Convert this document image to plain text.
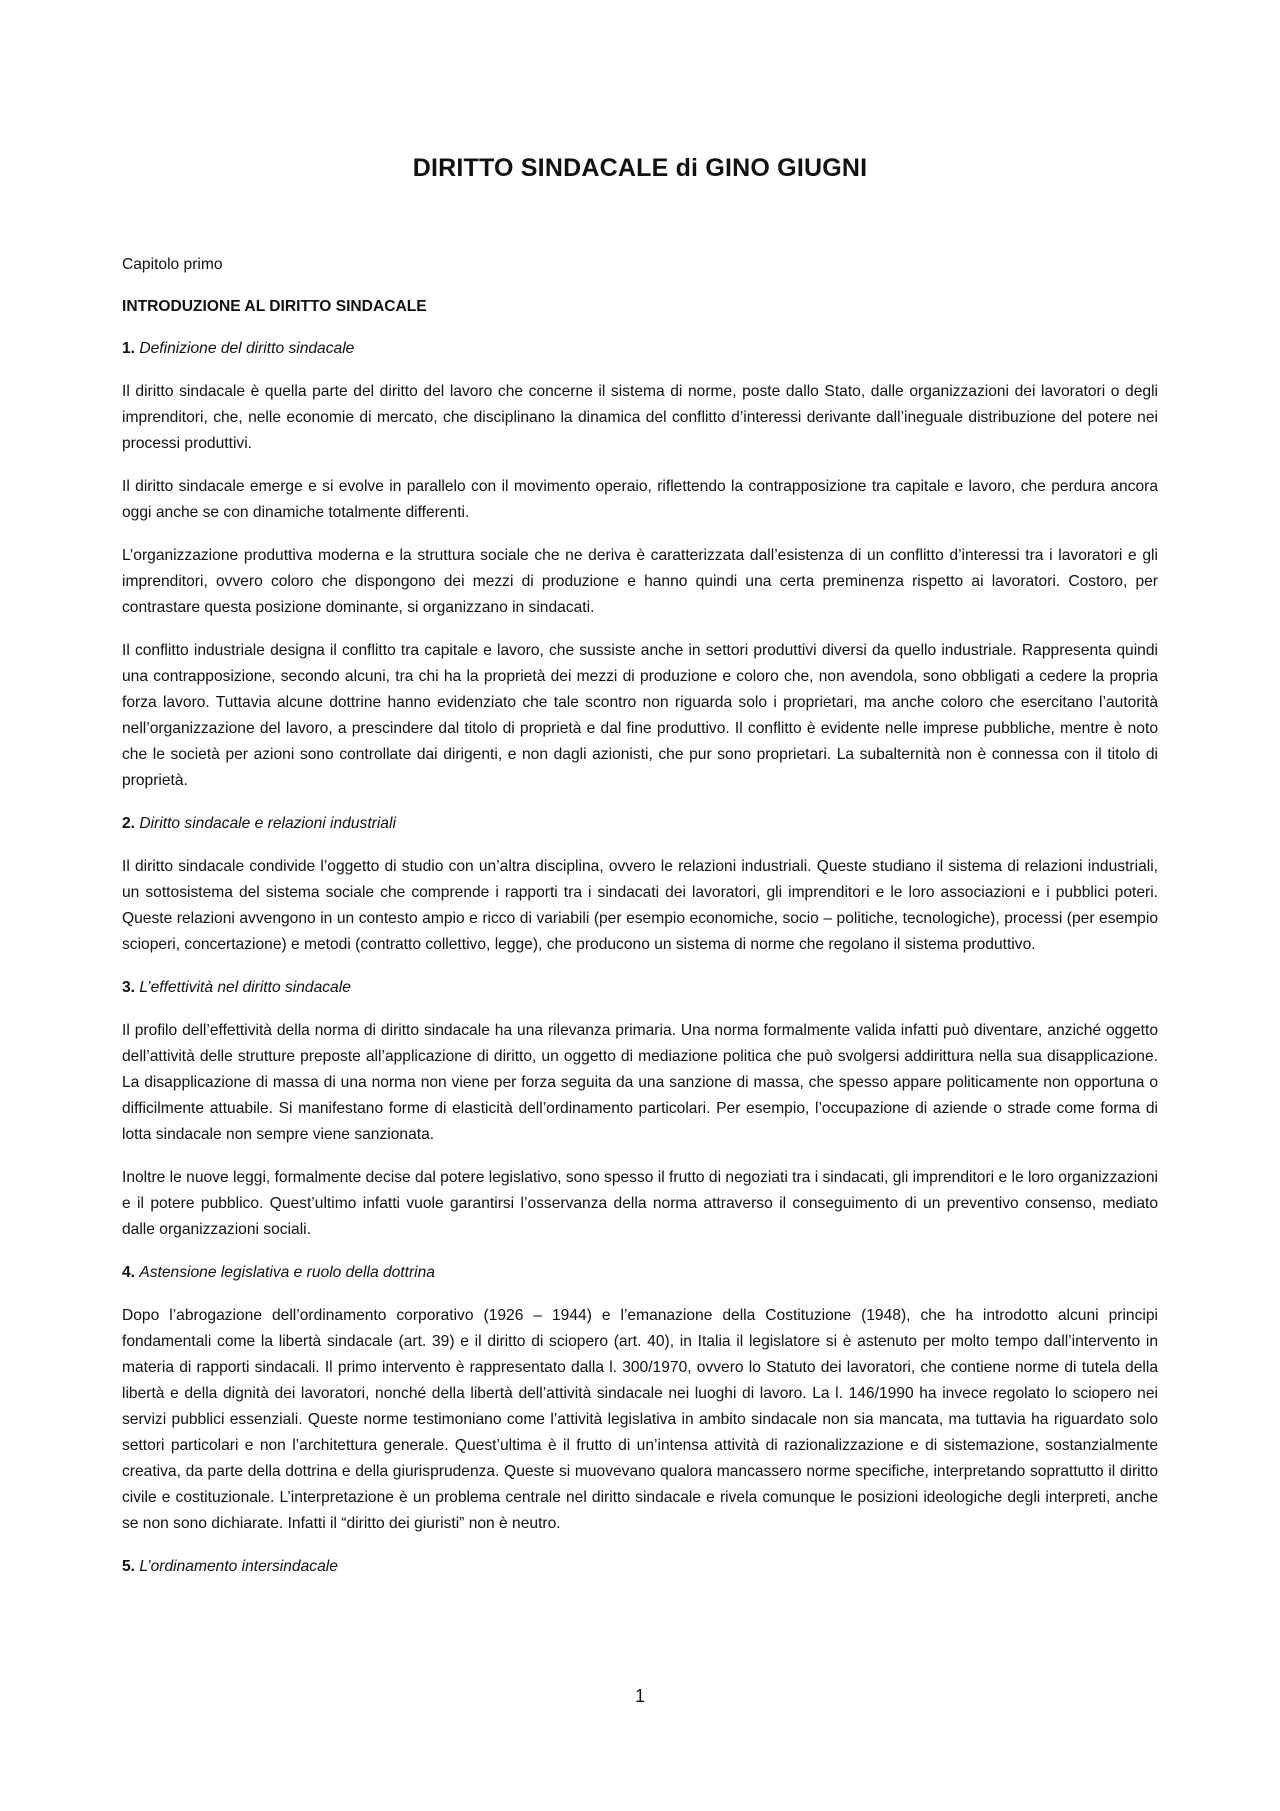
DIRITTO SINDACALE di GINO GIUGNI

Capitolo primo

INTRODUZIONE AL DIRITTO SINDACALE

1. Definizione del diritto sindacale

Il diritto sindacale è quella parte del diritto del lavoro che concerne il sistema di norme, poste dallo Stato, dalle organizzazioni dei lavoratori o degli imprenditori, che, nelle economie di mercato, che disciplinano la dinamica del conflitto d’interessi derivante dall’ineguale distribuzione del potere nei processi produttivi.

Il diritto sindacale emerge e si evolve in parallelo con il movimento operaio, riflettendo la contrapposizione tra capitale e lavoro, che perdura ancora oggi anche se con dinamiche totalmente differenti.

L’organizzazione produttiva moderna e la struttura sociale che ne deriva è caratterizzata dall’esistenza di un conflitto d’interessi tra i lavoratori e gli imprenditori, ovvero coloro che dispongono dei mezzi di produzione e hanno quindi una certa preminenza rispetto ai lavoratori. Costoro, per contrastare questa posizione dominante, si organizzano in sindacati.

Il conflitto industriale designa il conflitto tra capitale e lavoro, che sussiste anche in settori produttivi diversi da quello industriale. Rappresenta quindi una contrapposizione, secondo alcuni, tra chi ha la proprietà dei mezzi di produzione e coloro che, non avendola, sono obbligati a cedere la propria forza lavoro. Tuttavia alcune dottrine hanno evidenziato che tale scontro non riguarda solo i proprietari, ma anche coloro che esercitano l’autorità nell’organizzazione del lavoro, a prescindere dal titolo di proprietà e dal fine produttivo. Il conflitto è evidente nelle imprese pubbliche, mentre è noto che le società per azioni sono controllate dai dirigenti, e non dagli azionisti, che pur sono proprietari. La subalternità non è connessa con il titolo di proprietà.

2. Diritto sindacale e relazioni industriali

Il diritto sindacale condivide l’oggetto di studio con un’altra disciplina, ovvero le relazioni industriali. Queste studiano il sistema di relazioni industriali, un sottosistema del sistema sociale che comprende i rapporti tra i sindacati dei lavoratori, gli imprenditori e le loro associazioni e i pubblici poteri. Queste relazioni avvengono in un contesto ampio e ricco di variabili (per esempio economiche, socio – politiche, tecnologiche), processi (per esempio scioperi, concertazione) e metodi (contratto collettivo, legge), che producono un sistema di norme che regolano il sistema produttivo.

3. L’effettività nel diritto sindacale

Il profilo dell’effettività della norma di diritto sindacale ha una rilevanza primaria. Una norma formalmente valida infatti può diventare, anziché oggetto dell’attività delle strutture preposte all’applicazione di diritto, un oggetto di mediazione politica che può svolgersi addirittura nella sua disapplicazione. La disapplicazione di massa di una norma non viene per forza seguita da una sanzione di massa, che spesso appare politicamente non opportuna o difficilmente attuabile. Si manifestano forme di elasticità dell’ordinamento particolari. Per esempio, l’occupazione di aziende o strade come forma di lotta sindacale non sempre viene sanzionata.

Inoltre le nuove leggi, formalmente decise dal potere legislativo, sono spesso il frutto di negoziati tra i sindacati, gli imprenditori e le loro organizzazioni e il potere pubblico. Quest’ultimo infatti vuole garantirsi l’osservanza della norma attraverso il conseguimento di un preventivo consenso, mediato dalle organizzazioni sociali.

4. Astensione legislativa e ruolo della dottrina

Dopo l’abrogazione dell’ordinamento corporativo (1926 – 1944) e l’emanazione della Costituzione (1948), che ha introdotto alcuni principi fondamentali come la libertà sindacale (art. 39) e il diritto di sciopero (art. 40), in Italia il legislatore si è astenuto per molto tempo dall’intervento in materia di rapporti sindacali. Il primo intervento è rappresentato dalla l. 300/1970, ovvero lo Statuto dei lavoratori, che contiene norme di tutela della libertà e della dignità dei lavoratori, nonché della libertà dell’attività sindacale nei luoghi di lavoro. La l. 146/1990 ha invece regolato lo sciopero nei servizi pubblici essenziali. Queste norme testimoniano come l’attività legislativa in ambito sindacale non sia mancata, ma tuttavia ha riguardato solo settori particolari e non l’architettura generale. Quest’ultima è il frutto di un’intensa attività di razionalizzazione e di sistemazione, sostanzialmente creativa, da parte della dottrina e della giurisprudenza. Queste si muovevano qualora mancassero norme specifiche, interpretando soprattutto il diritto civile e costituzionale. L’interpretazione è un problema centrale nel diritto sindacale e rivela comunque le posizioni ideologiche degli interpreti, anche se non sono dichiarate. Infatti il “diritto dei giuristi” non è neutro.

5. L’ordinamento intersindacale

1
